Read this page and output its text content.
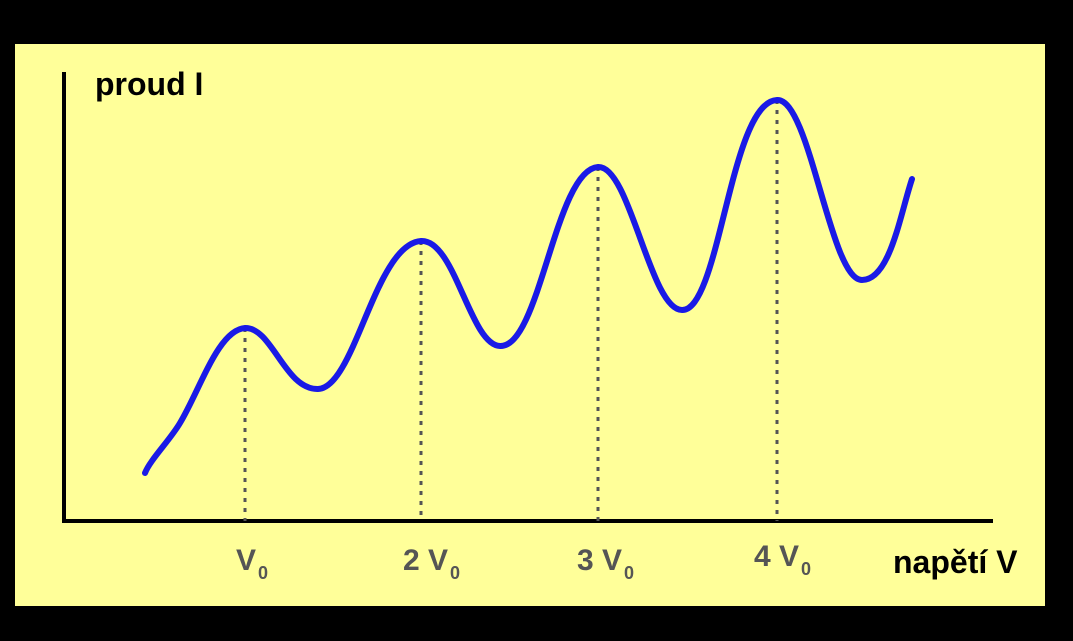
proud I
napětí V
V $_0$	2 V $_0$	3 V $_0$	4 V $_0$
